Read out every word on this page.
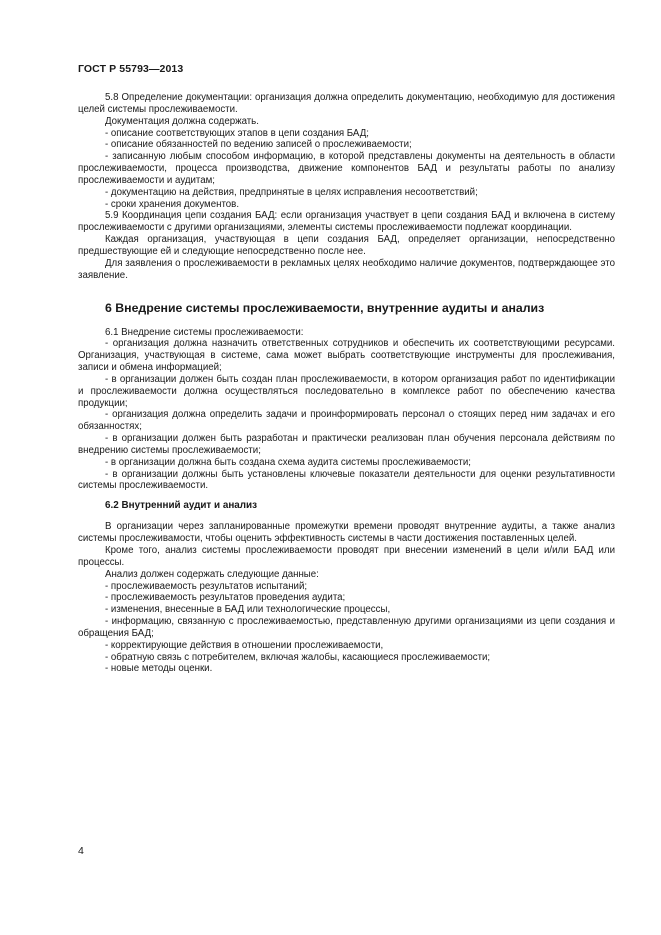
ГОСТ Р 55793—2013

5.8 Определение документации: организация должна определить документацию, необходимую для достижения целей системы прослеживаемости.

Документация должна содержать.

- описание соответствующих этапов в цепи создания БАД;

- описание обязанностей по ведению записей о прослеживаемости;

- записанную любым способом информацию, в которой представлены документы на деятельность в области прослеживаемости, процесса производства, движение компонентов БАД и результаты работы по анализу прослеживаемости и аудитам;

- документацию на действия, предпринятые в целях исправления несоответствий;

- сроки хранения документов.

5.9 Координация цепи создания БАД: если организация участвует в цепи создания БАД и включена в систему прослеживаемости с другими организациями, элементы системы прослеживаемости подлежат координации.

Каждая организация, участвующая в цепи создания БАД, определяет организации, непосредственно предшествующие ей и следующие непосредственно после нее.

Для заявления о прослеживаемости в рекламных целях необходимо наличие документов, подтверждающее это заявление.

6 Внедрение системы прослеживаемости, внутренние аудиты и анализ

6.1 Внедрение системы прослеживаемости:

- организация должна назначить ответственных сотрудников и обеспечить их соответствующими ресурсами. Организация, участвующая в системе, сама может выбрать соответствующие инструменты для прослеживания, записи и обмена информацией;

- в организации должен быть создан план прослеживаемости, в котором организация работ по идентификации и прослеживаемости должна осуществляться последовательно в комплексе работ по обеспечению качества продукции;

- организация должна определить задачи и проинформировать персонал о стоящих перед ним задачах и его обязанностях;

- в организации должен быть разработан и практически реализован план обучения персонала действиям по внедрению системы прослеживаемости;

- в организации должна быть создана схема аудита системы прослеживаемости;

- в организации должны быть установлены ключевые показатели деятельности для оценки результативности системы прослеживаемости.

6.2 Внутренний аудит и анализ

В организации через запланированные промежутки времени проводят внутренние аудиты, а также анализ системы прослеживамости, чтобы оценить эффективность системы в части достижения поставленных целей.

Кроме того, анализ системы прослеживаемости проводят при внесении изменений в цели и/или БАД или процессы.

Анализ должен содержать следующие данные:

- прослеживаемость результатов испытаний;

- прослеживаемость результатов проведения аудита;

- изменения, внесенные в БАД или технологические процессы,

- информацию, связанную с прослеживаемостью, представленную другими организациями из цепи создания и обращения БАД;

- корректирующие действия в отношении прослеживаемости,

- обратную связь с потребителем, включая жалобы, касающиеся прослеживаемости;

- новые методы оценки.

4
